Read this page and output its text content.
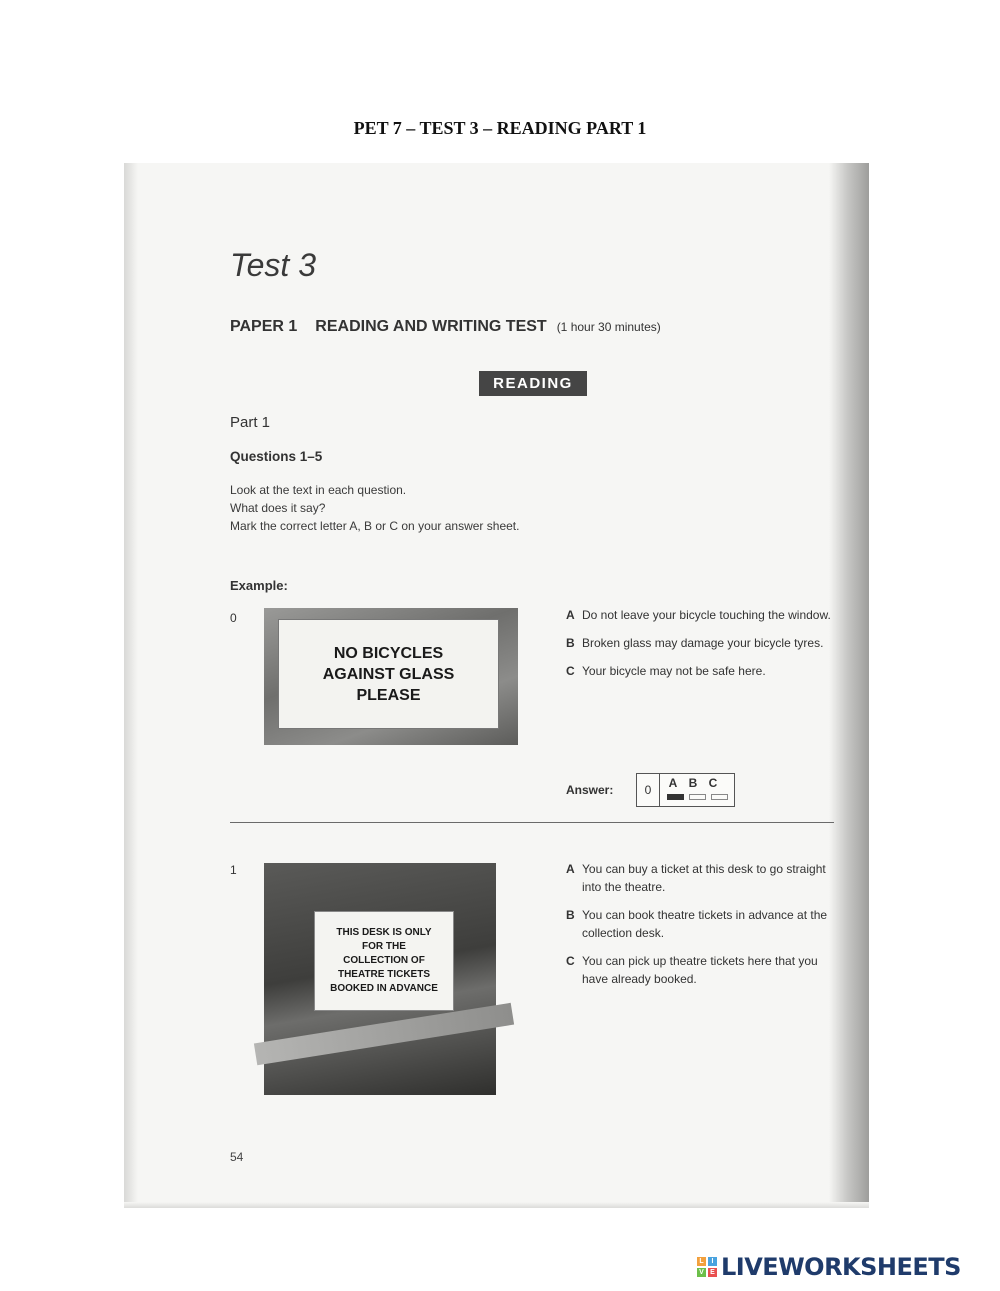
PET 7 – TEST 3 – READING PART 1
Test 3
PAPER 1 READING AND WRITING TEST (1 hour 30 minutes)
READING
Part 1
Questions 1–5
Look at the text in each question.
What does it say?
Mark the correct letter A, B or C on your answer sheet.
Example:
0
NO BICYCLES
AGAINST GLASS
PLEASE
A Do not leave your bicycle touching the window.
B Broken glass may damage your bicycle tyres.
C Your bicycle may not be safe here.
Answer:	0	A B C
1
THIS DESK IS ONLY
FOR THE
COLLECTION OF
THEATRE TICKETS
BOOKED IN ADVANCE
A You can buy a ticket at this desk to go straight into the theatre.
B You can book theatre tickets in advance at the collection desk.
C You can pick up theatre tickets here that you have already booked.
54
L	I
V E LIVEWORKSHEETS
